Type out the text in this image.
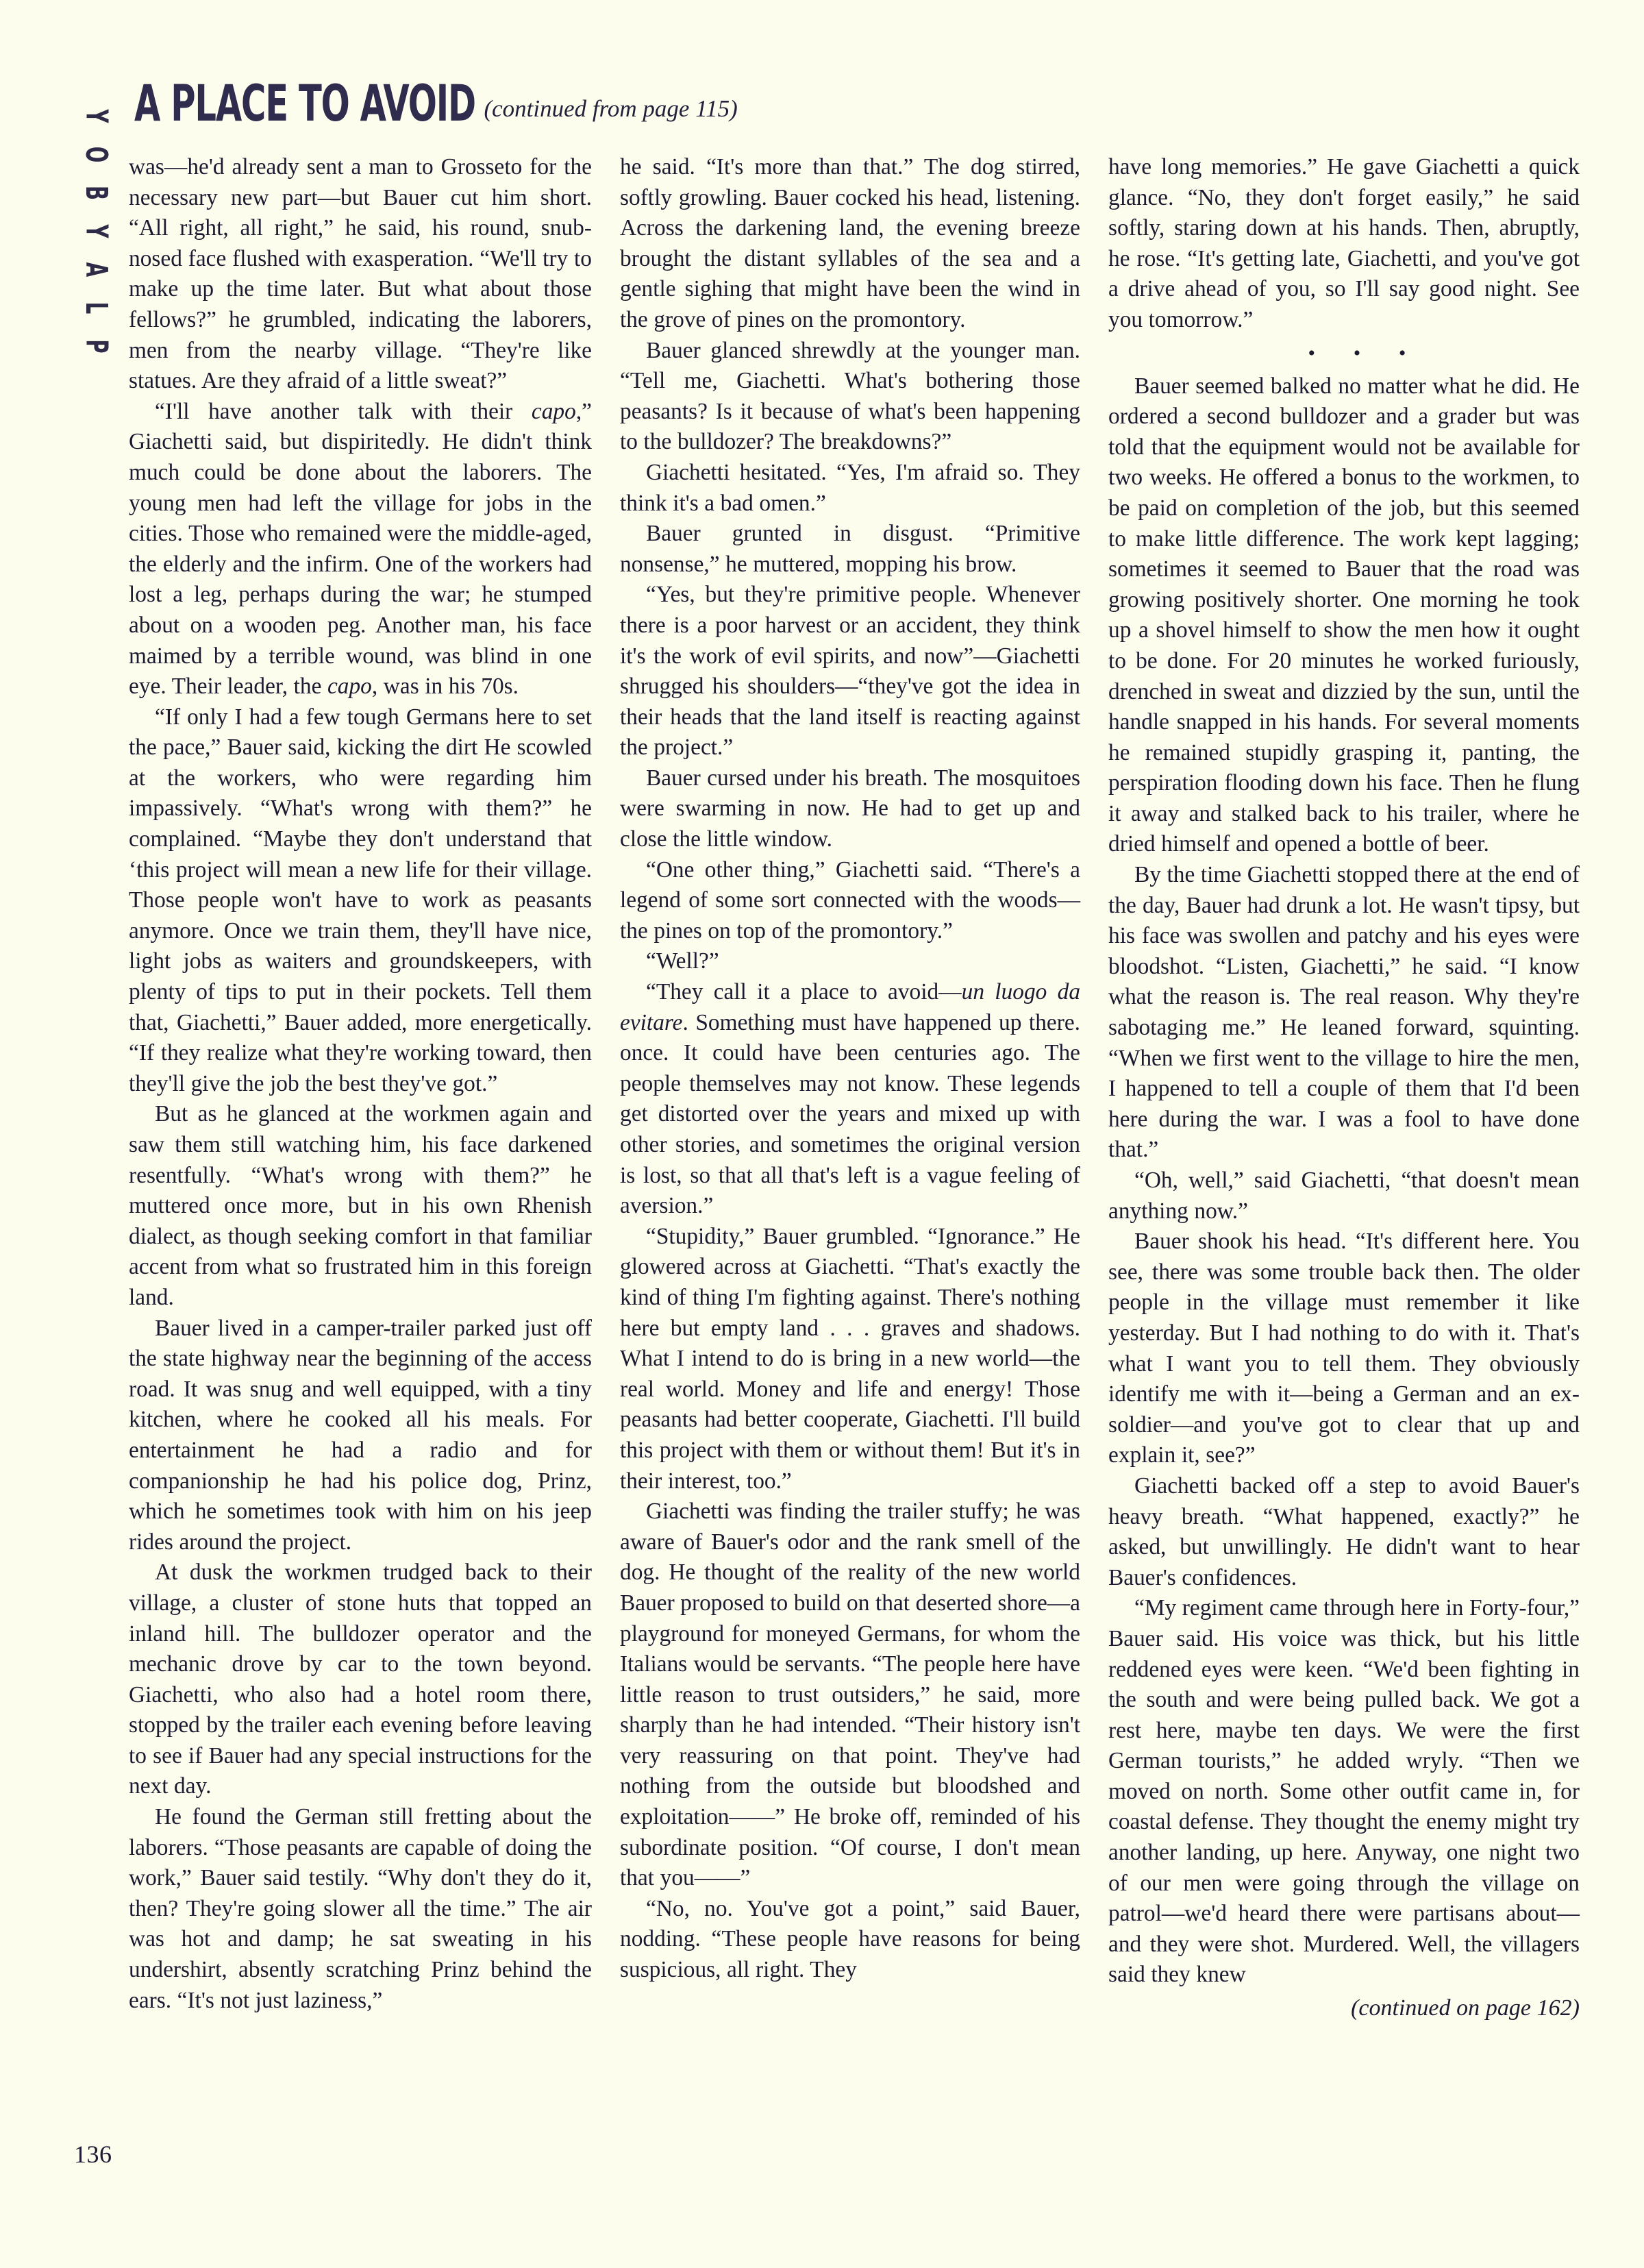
P
L
A
Y
B
O
Y A PLACE TO AVOID (continued from page 115)

was—he'd already sent a man to Grosseto for the necessary new part—but Bauer cut him short. “All right, all right,” he said, his round, snub-nosed face flushed with exasperation. “We'll try to make up the time later. But what about those fellows?” he grumbled, indicating the laborers, men from the nearby village. “They're like statues. Are they afraid of a little sweat?”

“I'll have another talk with their capo,” Giachetti said, but dispiritedly. He didn't think much could be done about the laborers. The young men had left the village for jobs in the cities. Those who remained were the middle-aged, the elderly and the infirm. One of the workers had lost a leg, perhaps during the war; he stumped about on a wooden peg. Another man, his face maimed by a terrible wound, was blind in one eye. Their leader, the capo, was in his 70s.

“If only I had a few tough Germans here to set the pace,” Bauer said, kicking the dirt He scowled at the workers, who were regarding him impassively. “What's wrong with them?” he complained. “Maybe they don't understand that ʻthis project will mean a new life for their village. Those people won't have to work as peasants anymore. Once we train them, they'll have nice, light jobs as waiters and groundskeepers, with plenty of tips to put in their pockets. Tell them that, Giachetti,” Bauer added, more energetically. “If they realize what they're working toward, then they'll give the job the best they've got.”

But as he glanced at the workmen again and saw them still watching him, his face darkened resentfully. “What's wrong with them?” he muttered once more, but in his own Rhenish dialect, as though seeking comfort in that familiar accent from what so frustrated him in this foreign land.

Bauer lived in a camper-trailer parked just off the state highway near the beginning of the access road. It was snug and well equipped, with a tiny kitchen, where he cooked all his meals. For entertainment he had a radio and for companionship he had his police dog, Prinz, which he sometimes took with him on his jeep rides around the project.

At dusk the workmen trudged back to their village, a cluster of stone huts that topped an inland hill. The bulldozer operator and the mechanic drove by car to the town beyond. Giachetti, who also had a hotel room there, stopped by the trailer each evening before leaving to see if Bauer had any special instructions for the next day.

He found the German still fretting about the laborers. “Those peasants are capable of doing the work,” Bauer said testily. “Why don't they do it, then? They're going slower all the time.” The air was hot and damp; he sat sweating in his undershirt, absently scratching Prinz behind the ears. “It's not just laziness,”

he said. “It's more than that.” The dog stirred, softly growling. Bauer cocked his head, listening. Across the darkening land, the evening breeze brought the distant syllables of the sea and a gentle sighing that might have been the wind in the grove of pines on the promontory.

Bauer glanced shrewdly at the younger man. “Tell me, Giachetti. What's bothering those peasants? Is it because of what's been happening to the bulldozer? The breakdowns?”

Giachetti hesitated. “Yes, I'm afraid so. They think it's a bad omen.”

Bauer grunted in disgust. “Primitive nonsense,” he muttered, mopping his brow.

“Yes, but they're primitive people. Whenever there is a poor harvest or an accident, they think it's the work of evil spirits, and now”—Giachetti shrugged his shoulders—“they've got the idea in their heads that the land itself is reacting against the project.”

Bauer cursed under his breath. The mosquitoes were swarming in now. He had to get up and close the little window.

“One other thing,” Giachetti said. “There's a legend of some sort connected with the woods—the pines on top of the promontory.”

“Well?”

“They call it a place to avoid—un luogo da evitare. Something must have happened up there. once. It could have been centuries ago. The people themselves may not know. These legends get distorted over the years and mixed up with other stories, and sometimes the original version is lost, so that all that's left is a vague feeling of aversion.”

“Stupidity,” Bauer grumbled. “Ignorance.” He glowered across at Giachetti. “That's exactly the kind of thing I'm fighting against. There's nothing here but empty land . . . graves and shadows. What I intend to do is bring in a new world—the real world. Money and life and energy! Those peasants had better cooperate, Giachetti. I'll build this project with them or without them! But it's in their interest, too.”

Giachetti was finding the trailer stuffy; he was aware of Bauer's odor and the rank smell of the dog. He thought of the reality of the new world Bauer proposed to build on that deserted shore—a playground for moneyed Germans, for whom the Italians would be servants. “The people here have little reason to trust outsiders,” he said, more sharply than he had intended. “Their history isn't very reassuring on that point. They've had nothing from the outside but bloodshed and exploitation——” He broke off, reminded of his subordinate position. “Of course, I don't mean that you——”

“No, no. You've got a point,” said Bauer, nodding. “These people have reasons for being suspicious, all right. They

have long memories.” He gave Giachetti a quick glance. “No, they don't forget easily,” he said softly, staring down at his hands. Then, abruptly, he rose. “It's getting late, Giachetti, and you've got a drive ahead of you, so I'll say good night. See you tomorrow.”

• • •

Bauer seemed balked no matter what he did. He ordered a second bulldozer and a grader but was told that the equipment would not be available for two weeks. He offered a bonus to the workmen, to be paid on completion of the job, but this seemed to make little difference. The work kept lagging; sometimes it seemed to Bauer that the road was growing positively shorter. One morning he took up a shovel himself to show the men how it ought to be done. For 20 minutes he worked furiously, drenched in sweat and dizzied by the sun, until the handle snapped in his hands. For several moments he remained stupidly grasping it, panting, the perspiration flooding down his face. Then he flung it away and stalked back to his trailer, where he dried himself and opened a bottle of beer.

By the time Giachetti stopped there at the end of the day, Bauer had drunk a lot. He wasn't tipsy, but his face was swollen and patchy and his eyes were bloodshot. “Listen, Giachetti,” he said. “I know what the reason is. The real reason. Why they're sabotaging me.” He leaned forward, squinting. “When we first went to the village to hire the men, I happened to tell a couple of them that I'd been here during the war. I was a fool to have done that.”

“Oh, well,” said Giachetti, “that doesn't mean anything now.”

Bauer shook his head. “It's different here. You see, there was some trouble back then. The older people in the village must remember it like yesterday. But I had nothing to do with it. That's what I want you to tell them. They obviously identify me with it—being a German and an ex-soldier—and you've got to clear that up and explain it, see?”

Giachetti backed off a step to avoid Bauer's heavy breath. “What happened, exactly?” he asked, but unwillingly. He didn't want to hear Bauer's confidences.

“My regiment came through here in Forty-four,” Bauer said. His voice was thick, but his little reddened eyes were keen. “We'd been fighting in the south and were being pulled back. We got a rest here, maybe ten days. We were the first German tourists,” he added wryly. “Then we moved on north. Some other outfit came in, for coastal defense. They thought the enemy might try another landing, up here. Anyway, one night two of our men were going through the village on patrol—we'd heard there were partisans about—and they were shot. Murdered. Well, the villagers said they knew

(continued on page 162)

136
